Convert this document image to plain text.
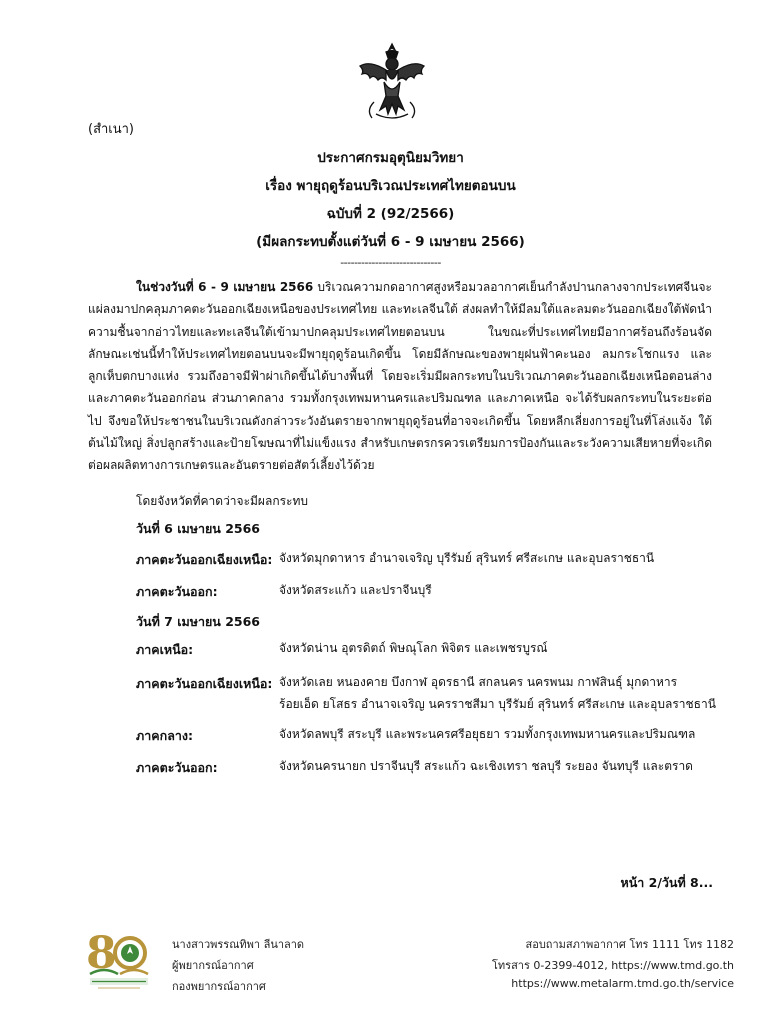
(สำเนา)
ประกาศกรมอุตุนิยมวิทยา
เรื่อง พายุฤดูร้อนบริเวณประเทศไทยตอนบน
ฉบับที่ 2 (92/2566)
(มีผลกระทบตั้งแต่วันที่ 6 - 9 เมษายน 2566)
-----------------------------
ในช่วงวันที่ 6 - 9 เมษายน 2566 บริเวณความกดอากาศสูงหรือมวลอากาศเย็นกำลังปานกลางจากประเทศจีนจะแผ่ลงมาปกคลุมภาคตะวันออกเฉียงเหนือของประเทศไทย และทะเลจีนใต้ ส่งผลทำให้มีลมใต้และลมตะวันออกเฉียงใต้พัดนำความชื้นจากอ่าวไทยและทะเลจีนใต้เข้ามาปกคลุมประเทศไทยตอนบน ในขณะที่ประเทศไทยมีอากาศร้อนถึงร้อนจัด ลักษณะเช่นนี้ทำให้ประเทศไทยตอนบนจะมีพายุฤดูร้อนเกิดขึ้น โดยมีลักษณะของพายุฝนฟ้าคะนอง ลมกระโชกแรง และลูกเห็บตกบางแห่ง รวมถึงอาจมีฟ้าผ่าเกิดขึ้นได้บางพื้นที่ โดยจะเริ่มมีผลกระทบในบริเวณภาคตะวันออกเฉียงเหนือตอนล่างและภาคตะวันออกก่อน ส่วนภาคกลาง รวมทั้งกรุงเทพมหานครและปริมณฑล และภาคเหนือ จะได้รับผลกระทบในระยะต่อไป จึงขอให้ประชาชนในบริเวณดังกล่าวระวังอันตรายจากพายุฤดูร้อนที่อาจจะเกิดขึ้น โดยหลีกเลี่ยงการอยู่ในที่โล่งแจ้ง ใต้ต้นไม้ใหญ่ สิ่งปลูกสร้างและป้ายโฆษณาที่ไม่แข็งแรง สำหรับเกษตรกรควรเตรียมการป้องกันและระวังความเสียหายที่จะเกิดต่อผลผลิตทางการเกษตรและอันตรายต่อสัตว์เลี้ยงไว้ด้วย
โดยจังหวัดที่คาดว่าจะมีผลกระทบ
วันที่ 6 เมษายน 2566
ภาคตะวันออกเฉียงเหนือ: จังหวัดมุกดาหาร อำนาจเจริญ บุรีรัมย์ สุรินทร์ ศรีสะเกษ และอุบลราชธานี
ภาคตะวันออก:	จังหวัดสระแก้ว และปราจีนบุรี
วันที่ 7 เมษายน 2566
ภาคเหนือ:	จังหวัดน่าน อุตรดิตถ์ พิษณุโลก พิจิตร และเพชรบูรณ์
ภาคตะวันออกเฉียงเหนือ: จังหวัดเลย หนองคาย บึงกาฬ อุดรธานี สกลนคร นครพนม กาฬสินธุ์ มุกดาหาร ร้อยเอ็ด ยโสธร อำนาจเจริญ นครราชสีมา บุรีรัมย์ สุรินทร์ ศรีสะเกษ และอุบลราชธานี
ภาคกลาง:	จังหวัดลพบุรี สระบุรี และพระนครศรีอยุธยา รวมทั้งกรุงเทพมหานครและปริมณฑล
ภาคตะวันออก:	จังหวัดนครนายก ปราจีนบุรี สระแก้ว ฉะเชิงเทรา ชลบุรี ระยอง จันทบุรี และตราด
หน้า 2/วันที่ 8...
8	นางสาวพรรณทิพา ลีนาลาด
ผู้พยากรณ์อากาศ
กองพยากรณ์อากาศ
สอบถามสภาพอากาศ โทร 1111 โทร 1182
โทรสาร 0-2399-4012, https://www.tmd.go.th
https://www.metalarm.tmd.go.th/service
